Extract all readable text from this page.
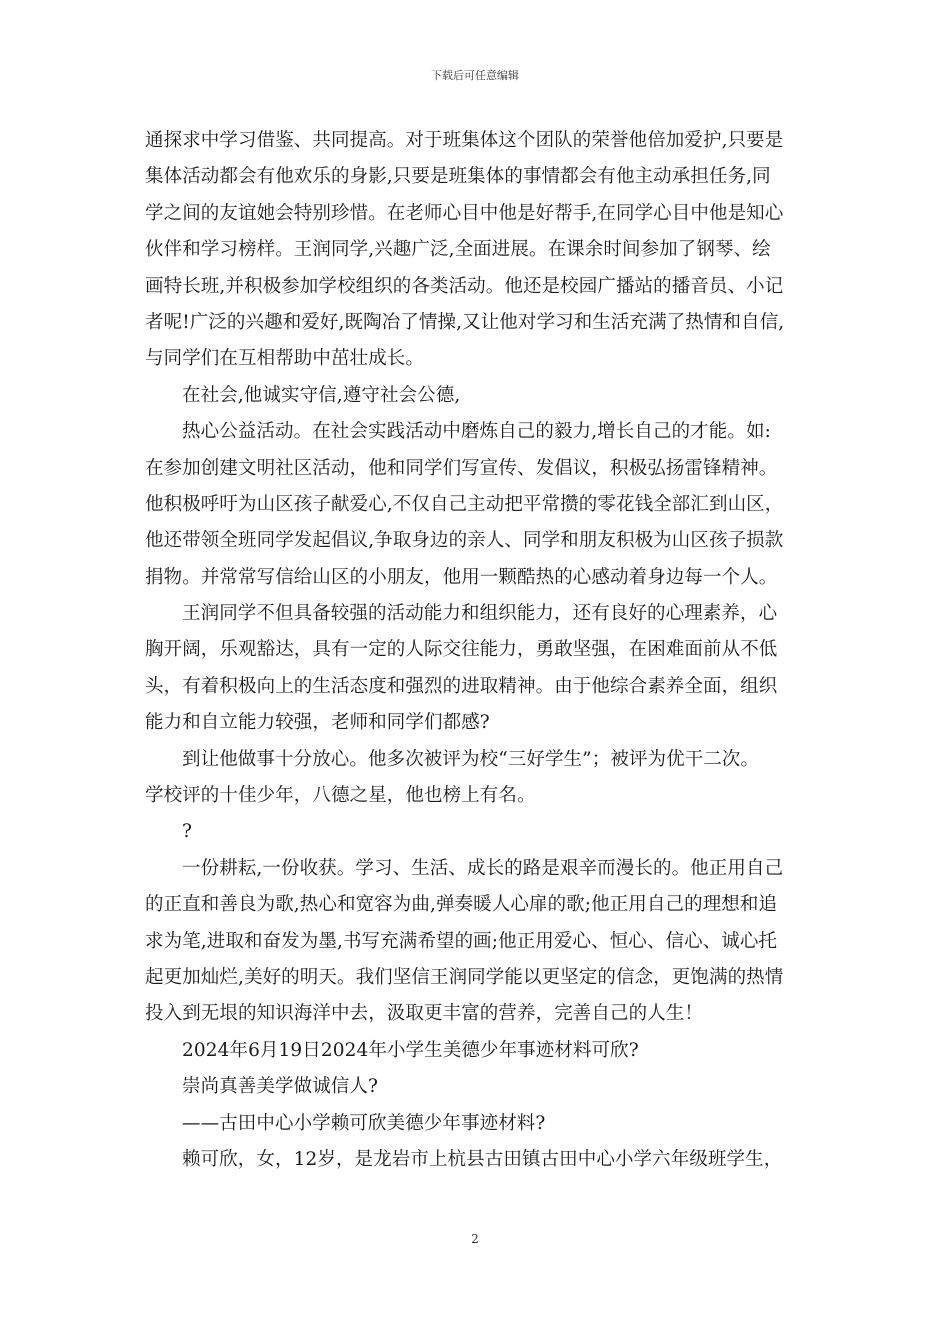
下载后可任意编辑
通探求中学习借鉴、共同提高。对于班集体这个团队的荣誉他倍加爱护,只要是
集体活动都会有他欢乐的身影,只要是班集体的事情都会有他主动承担任务,同
学之间的友谊她会特别珍惜。在老师心目中他是好帮手,在同学心目中他是知心
伙伴和学习榜样。王润同学,兴趣广泛,全面进展。在课余时间参加了钢琴、绘
画特长班,并积极参加学校组织的各类活动。他还是校园广播站的播音员、小记
者呢!广泛的兴趣和爱好,既陶冶了情操,又让他对学习和生活充满了热情和自信,
与同学们在互相帮助中茁壮成长。
在社会,他诚实守信,遵守社会公德,
热心公益活动。在社会实践活动中磨炼自己的毅力,增长自己的才能。如:
在参加创建文明社区活动，他和同学们写宣传、发倡议，积极弘扬雷锋精神。
他积极呼吁为山区孩子献爱心,不仅自己主动把平常攒的零花钱全部汇到山区，
他还带领全班同学发起倡议,争取身边的亲人、同学和朋友积极为山区孩子损款
捐物。并常常写信给山区的小朋友，他用一颗酷热的心感动着身边每一个人。
王润同学不但具备较强的活动能力和组织能力，还有良好的心理素养，心
胸开阔，乐观豁达，具有一定的人际交往能力，勇敢坚强，在困难面前从不低
头，有着积极向上的生活态度和强烈的进取精神。由于他综合素养全面，组织
能力和自立能力较强，老师和同学们都感?
到让他做事十分放心。他多次被评为校“三好学生”；被评为优干二次。
学校评的十佳少年，八德之星，他也榜上有名。
?
一份耕耘,一份收获。学习、生活、成长的路是艰辛而漫长的。他正用自己
的正直和善良为歌,热心和宽容为曲,弹奏暖人心扉的歌;他正用自己的理想和追
求为笔,进取和奋发为墨,书写充满希望的画;他正用爱心、恒心、信心、诚心托
起更加灿烂,美好的明天。我们坚信王润同学能以更坚定的信念，更饱满的热情
投入到无垠的知识海洋中去，汲取更丰富的营养，完善自己的人生！
2024年6月19日2024年小学生美德少年事迹材料可欣?
崇尚真善美学做诚信人?
——古田中心小学赖可欣美德少年事迹材料?
赖可欣，女，12岁，是龙岩市上杭县古田镇古田中心小学六年级班学生，
2
